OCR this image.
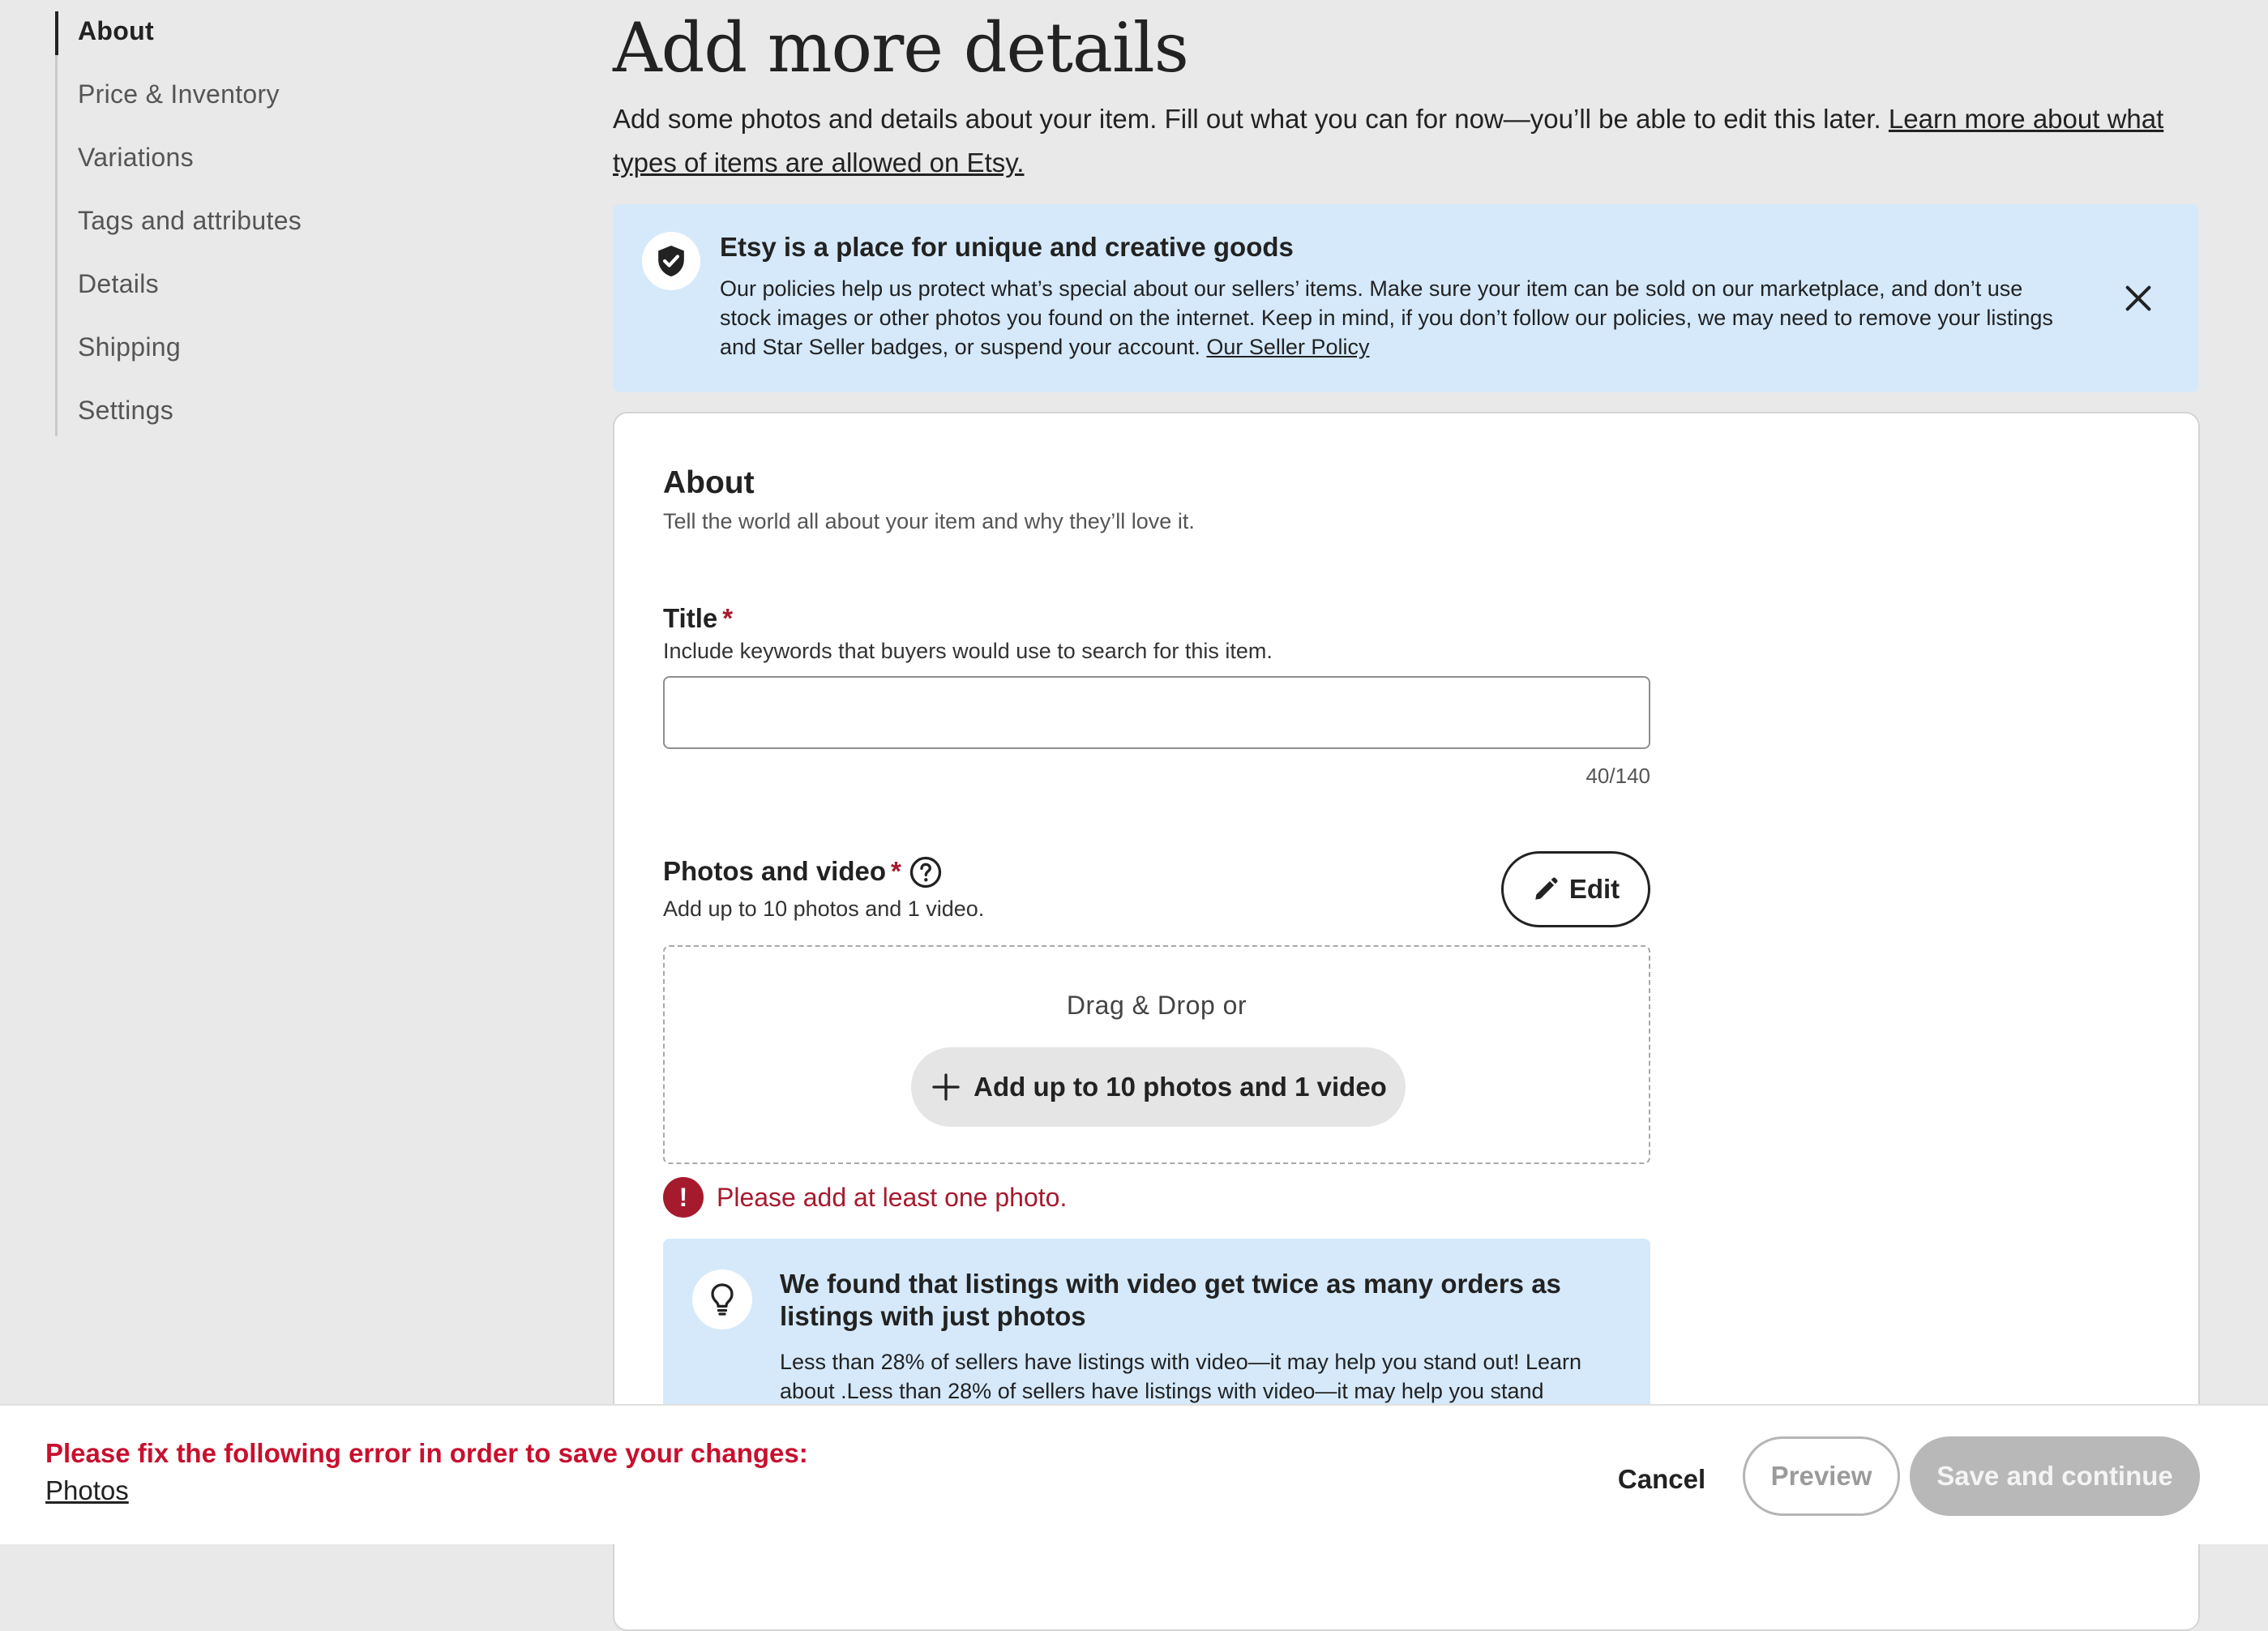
About
Price & Inventory
Variations
Tags and attributes
Details
Shipping
Settings
Add more details
Add some photos and details about your item. Fill out what you can for now—you’ll be able to edit this later. Learn more about what types of items are allowed on Etsy.
Etsy is a place for unique and creative goods
Our policies help us protect what’s special about our sellers’ items. Make sure your item can be sold on our marketplace, and don’t use stock images or other photos you found on the internet. Keep in mind, if you don’t follow our policies, we may need to remove your listings and Star Seller badges, or suspend your account. Our Seller Policy
About
Tell the world all about your item and why they’ll love it.
Title *
Include keywords that buyers would use to search for this item.
40/140
Photos and video *
Add up to 10 photos and 1 video.
Edit
Drag & Drop or
Add up to 10 photos and 1 video
!	Please add at least one photo.
We found that listings with video get twice as many orders as listings with just photos
Less than 28% of sellers have listings with video—it may help you stand out! Learn about .Less than 28% of sellers have listings with video—it may help you stand
Please fix the following error in order to save your changes:
Photos	Cancel	Preview	Save and continue
